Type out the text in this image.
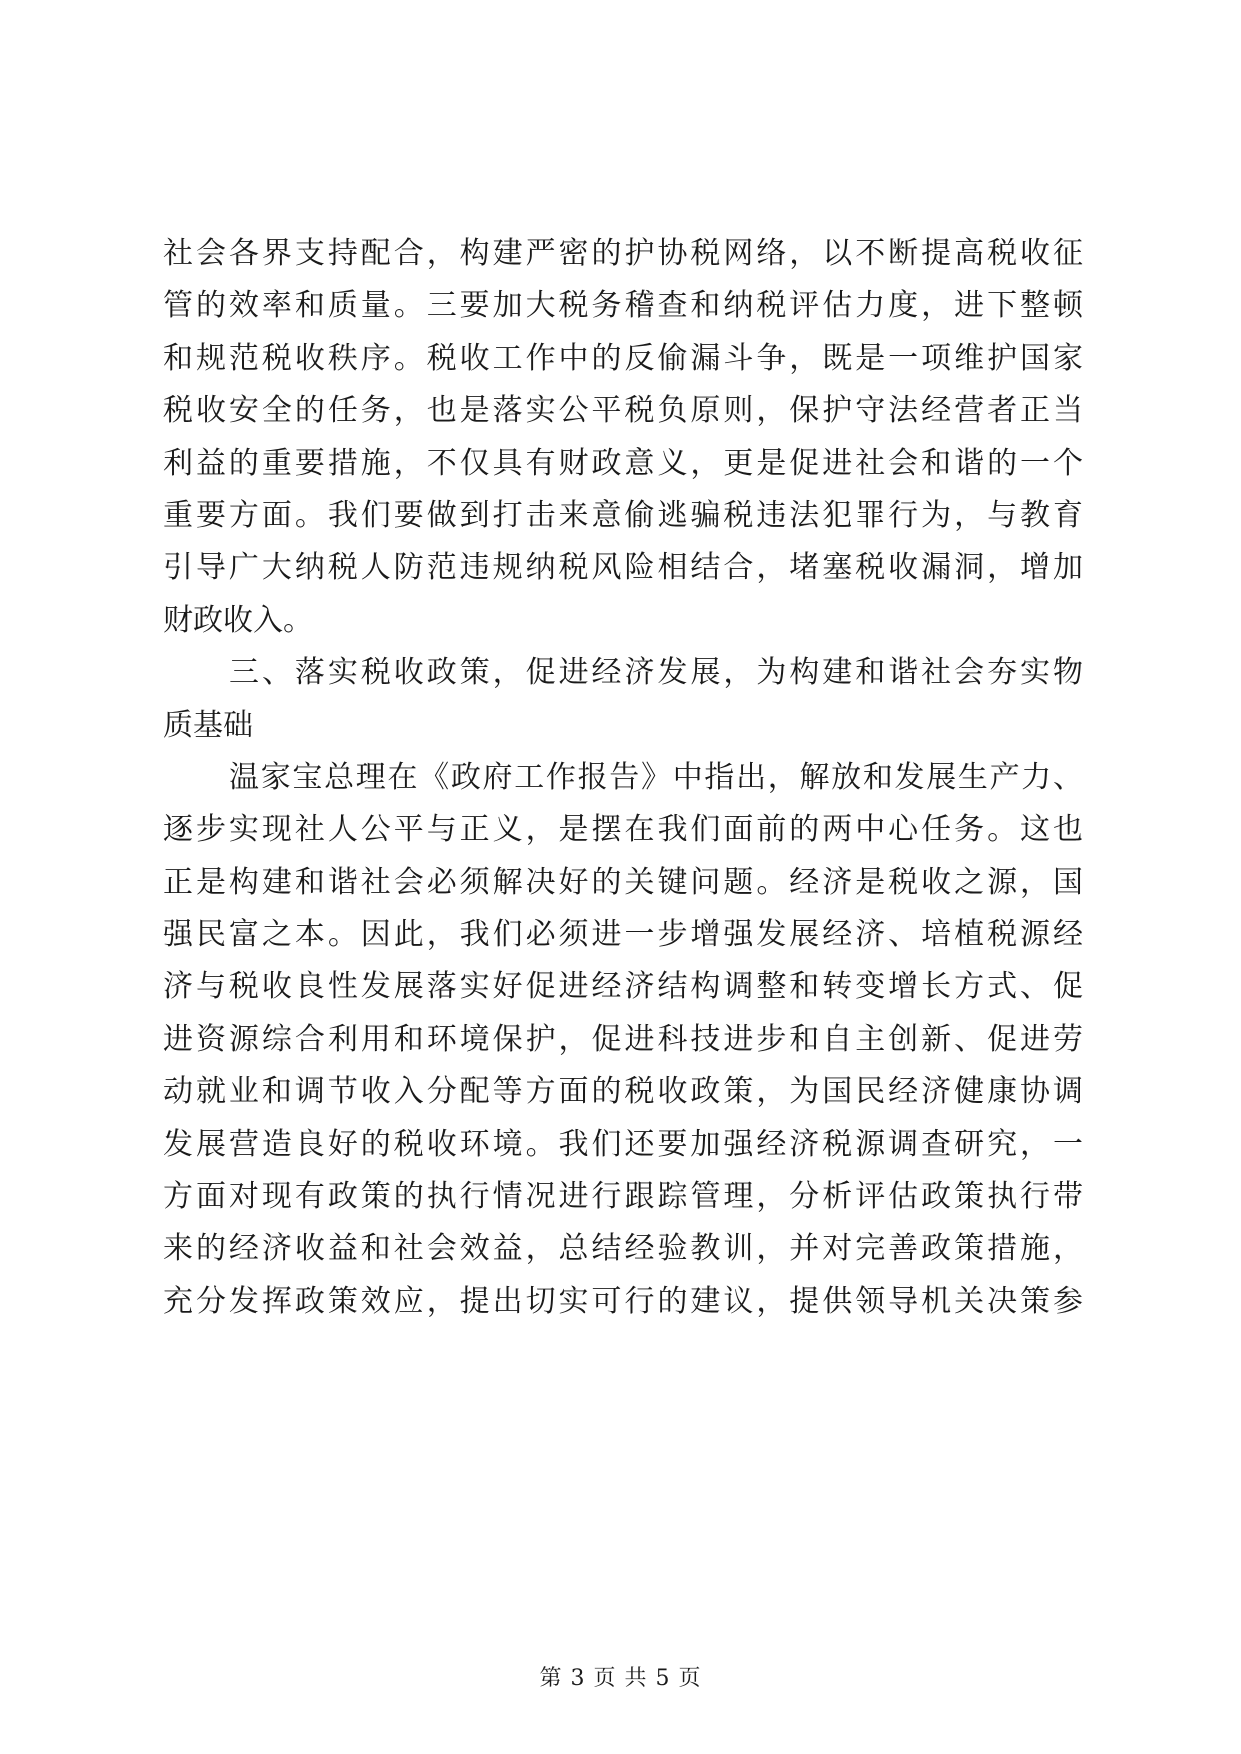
社会各界支持配合，构建严密的护协税网络，以不断提高税收征
管的效率和质量。三要加大税务稽查和纳税评估力度，进下整顿
和规范税收秩序。税收工作中的反偷漏斗争，既是一项维护国家
税收安全的任务，也是落实公平税负原则，保护守法经营者正当
利益的重要措施，不仅具有财政意义，更是促进社会和谐的一个
重要方面。我们要做到打击来意偷逃骗税违法犯罪行为，与教育
引导广大纳税人防范违规纳税风险相结合，堵塞税收漏洞，增加
财政收入。
三、落实税收政策，促进经济发展，为构建和谐社会夯实物
质基础
温家宝总理在《政府工作报告》中指出，解放和发展生产力、
逐步实现社人公平与正义，是摆在我们面前的两中心任务。这也
正是构建和谐社会必须解决好的关键问题。经济是税收之源，国
强民富之本。因此，我们必须进一步增强发展经济、培植税源经
济与税收良性发展落实好促进经济结构调整和转变增长方式、促
进资源综合利用和环境保护，促进科技进步和自主创新、促进劳
动就业和调节收入分配等方面的税收政策，为国民经济健康协调
发展营造良好的税收环境。我们还要加强经济税源调查研究，一
方面对现有政策的执行情况进行跟踪管理，分析评估政策执行带
来的经济收益和社会效益，总结经验教训，并对完善政策措施，
充分发挥政策效应，提出切实可行的建议，提供领导机关决策参
第 3 页 共 5 页
